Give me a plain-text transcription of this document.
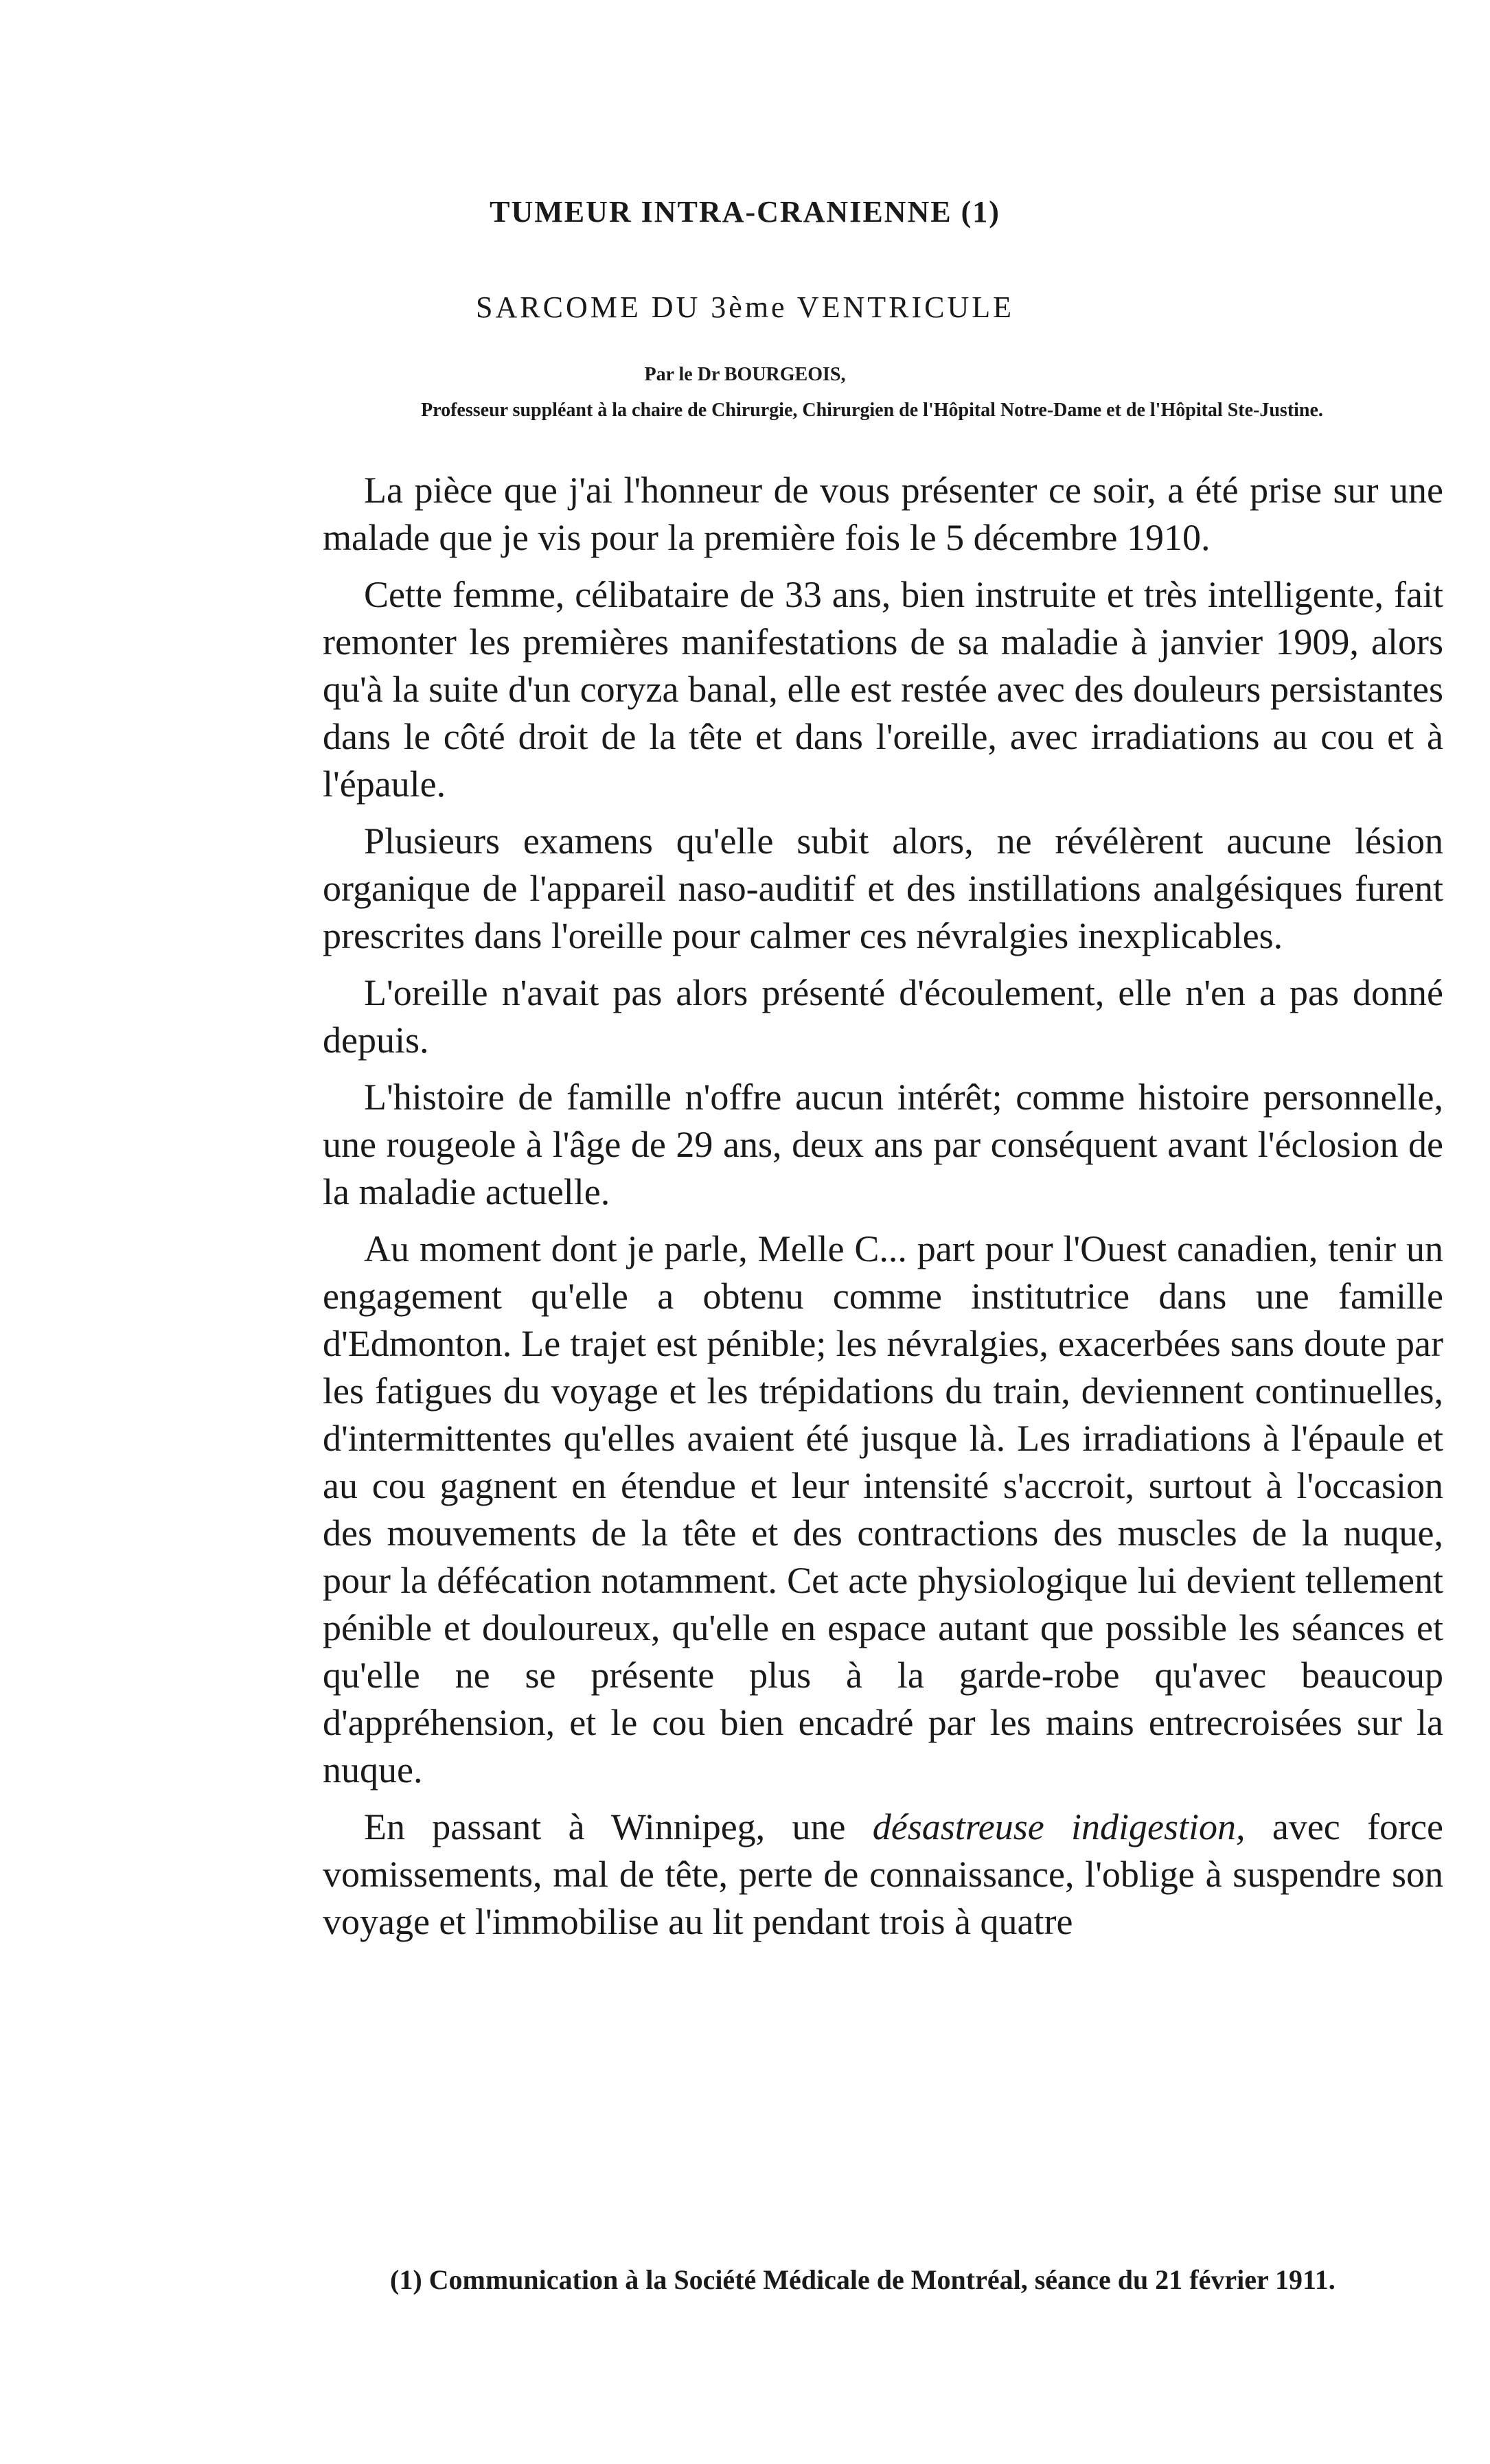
TUMEUR INTRA-CRANIENNE (1)
SARCOME DU 3ème VENTRICULE

Par le Dr BOURGEOIS,

Professeur suppléant à la chaire de Chirurgie, Chirurgien de l'Hôpital Notre-Dame et de l'Hôpital Ste-Justine.

La pièce que j'ai l'honneur de vous présenter ce soir, a été prise sur une malade que je vis pour la première fois le 5 décembre 1910.

Cette femme, célibataire de 33 ans, bien instruite et très intelligente, fait remonter les premières manifestations de sa maladie à janvier 1909, alors qu'à la suite d'un coryza banal, elle est restée avec des douleurs persistantes dans le côté droit de la tête et dans l'oreille, avec irradiations au cou et à l'épaule.

Plusieurs examens qu'elle subit alors, ne révélèrent aucune lésion organique de l'appareil naso-auditif et des instillations analgésiques furent prescrites dans l'oreille pour calmer ces névralgies inexplicables.

L'oreille n'avait pas alors présenté d'écoulement, elle n'en a pas donné depuis.

L'histoire de famille n'offre aucun intérêt; comme histoire personnelle, une rougeole à l'âge de 29 ans, deux ans par conséquent avant l'éclosion de la maladie actuelle.

Au moment dont je parle, Melle C... part pour l'Ouest canadien, tenir un engagement qu'elle a obtenu comme institutrice dans une famille d'Edmonton. Le trajet est pénible; les névralgies, exacerbées sans doute par les fatigues du voyage et les trépidations du train, deviennent continuelles, d'intermittentes qu'elles avaient été jusque là. Les irradiations à l'épaule et au cou gagnent en étendue et leur intensité s'accroit, surtout à l'occasion des mouvements de la tête et des contractions des muscles de la nuque, pour la défécation notamment. Cet acte physiologique lui devient tellement pénible et douloureux, qu'elle en espace autant que possible les séances et qu'elle ne se présente plus à la garde-robe qu'avec beaucoup d'appréhension, et le cou bien encadré par les mains entrecroisées sur la nuque.

En passant à Winnipeg, une désastreuse indigestion, avec force vomissements, mal de tête, perte de connaissance, l'oblige à suspendre son voyage et l'immobilise au lit pendant trois à quatre

(1) Communication à la Société Médicale de Montréal, séance du 21 février 1911.
